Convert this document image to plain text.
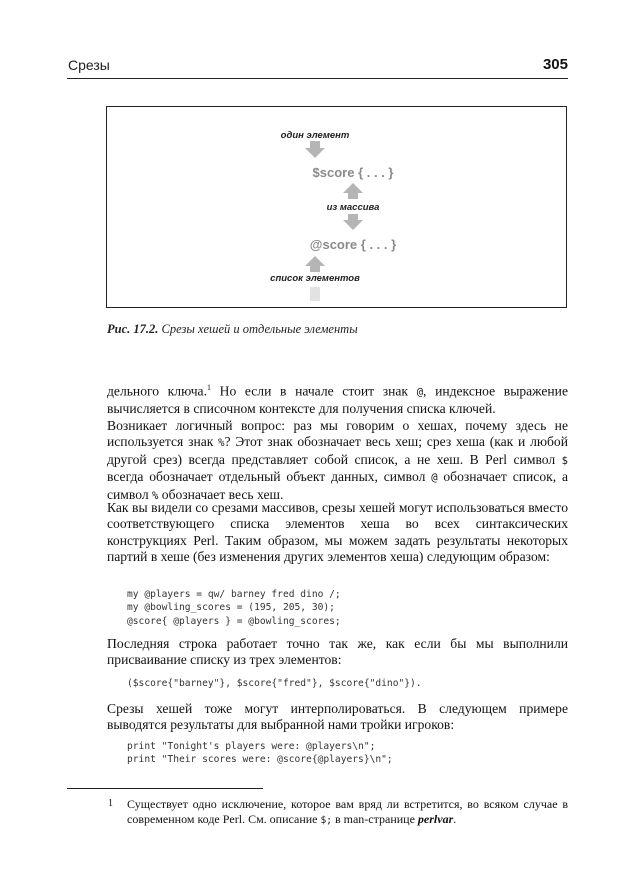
Срезы	305
один элемент
$score { . . . }
из массива
@score { . . . }
список элементов
Рис. 17.2. Срезы хешей и отдельные элементы

дельного ключа.$^1$ Но если в начале стоит знак @, индексное выражение вычисляется в списочном контексте для получения списка ключей.

Возникает логичный вопрос: раз мы говорим о хешах, почему здесь не используется знак %? Этот знак обозначает весь хеш; срез хеша (как и любой другой срез) всегда представляет собой список, а не хеш. В Perl символ $ всегда обозначает отдельный объект данных, символ @ обозначает список, а символ % обозначает весь хеш.

Как вы видели со срезами массивов, срезы хешей могут использоваться вместо соответствующего списка элементов хеша во всех синтаксических конструкциях Perl. Таким образом, мы можем задать результаты некоторых партий в хеше (без изменения других элементов хеша) следующим образом:

my @players = qw/ barney fred dino /;
my @bowling_scores = (195, 205, 30);
@score{ @players } = @bowling_scores;

Последняя строка работает точно так же, как если бы мы выполнили присваивание списку из трех элементов:

($score{"barney"}, $score{"fred"}, $score{"dino"}).

Срезы хешей тоже могут интерполироваться. В следующем примере выводятся результаты для выбранной нами тройки игроков:

print "Tonight's players were: @players\n";
print "Their scores were: @score{@players}\n";
1 Существует одно исключение, которое вам вряд ли встретится, во всяком случае в современном коде Perl. См. описание $; в man-странице perlvar.
